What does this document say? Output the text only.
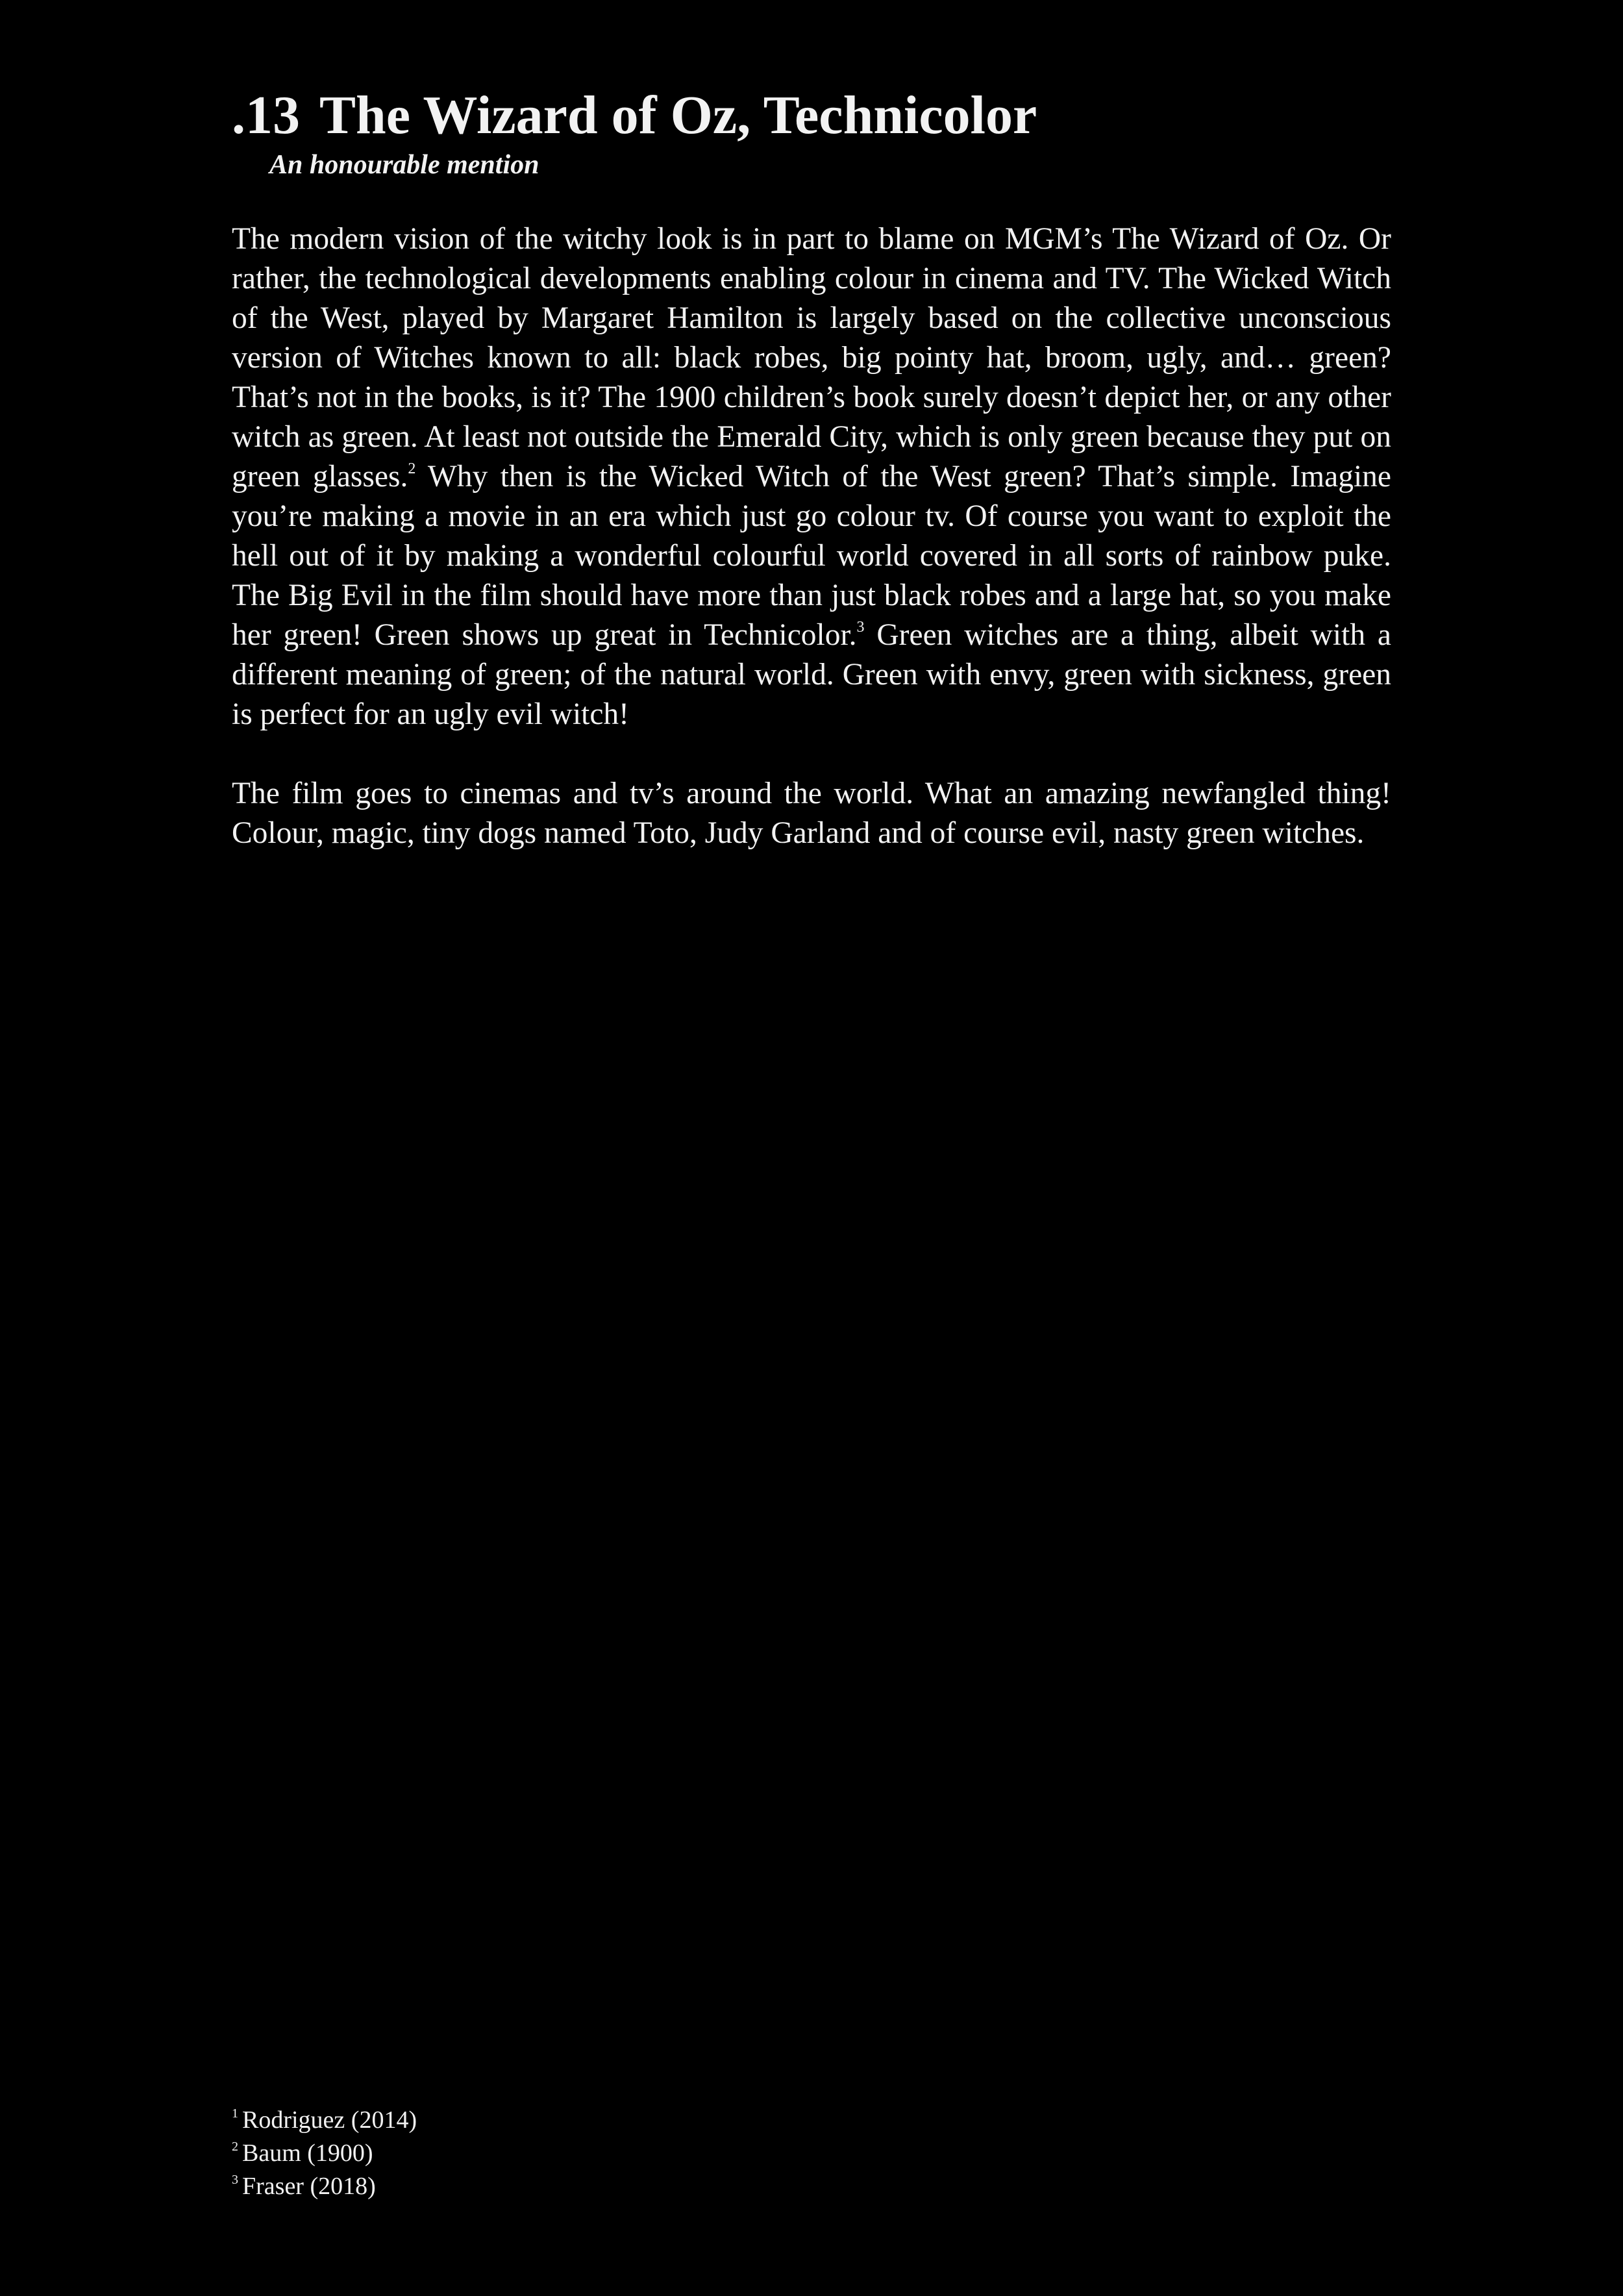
.13 The Wizard of Oz, Technicolor
An honourable mention

The modern vision of the witchy look is in part to blame on MGM’s The Wizard of Oz. Or rather, the technological developments enabling colour in cinema and TV. The Wicked Witch of the West, played by Margaret Hamilton is largely based on the collective unconscious version of Witches known to all: black robes, big pointy hat, broom, ugly, and… green? That’s not in the books, is it? The 1900 children’s book surely doesn’t depict her, or any other witch as green. At least not outside the Emerald City, which is only green because they put on green glasses.$^2$ Why then is the Wicked Witch of the West green? That’s simple. Imagine you’re making a movie in an era which just go colour tv. Of course you want to exploit the hell out of it by making a wonderful colourful world covered in all sorts of rainbow puke. The Big Evil in the film should have more than just black robes and a large hat, so you make her green! Green shows up great in Technicolor.$^3$ Green witches are a thing, albeit with a different meaning of green; of the natural world. Green with envy, green with sickness, green is perfect for an ugly evil witch!

The film goes to cinemas and tv’s around the world. What an amazing newfangled thing! Colour, magic, tiny dogs named Toto, Judy Garland and of course evil, nasty green witches.

$^1$ Rodriguez (2014)
$^2$ Baum (1900)
$^3$ Fraser (2018)
